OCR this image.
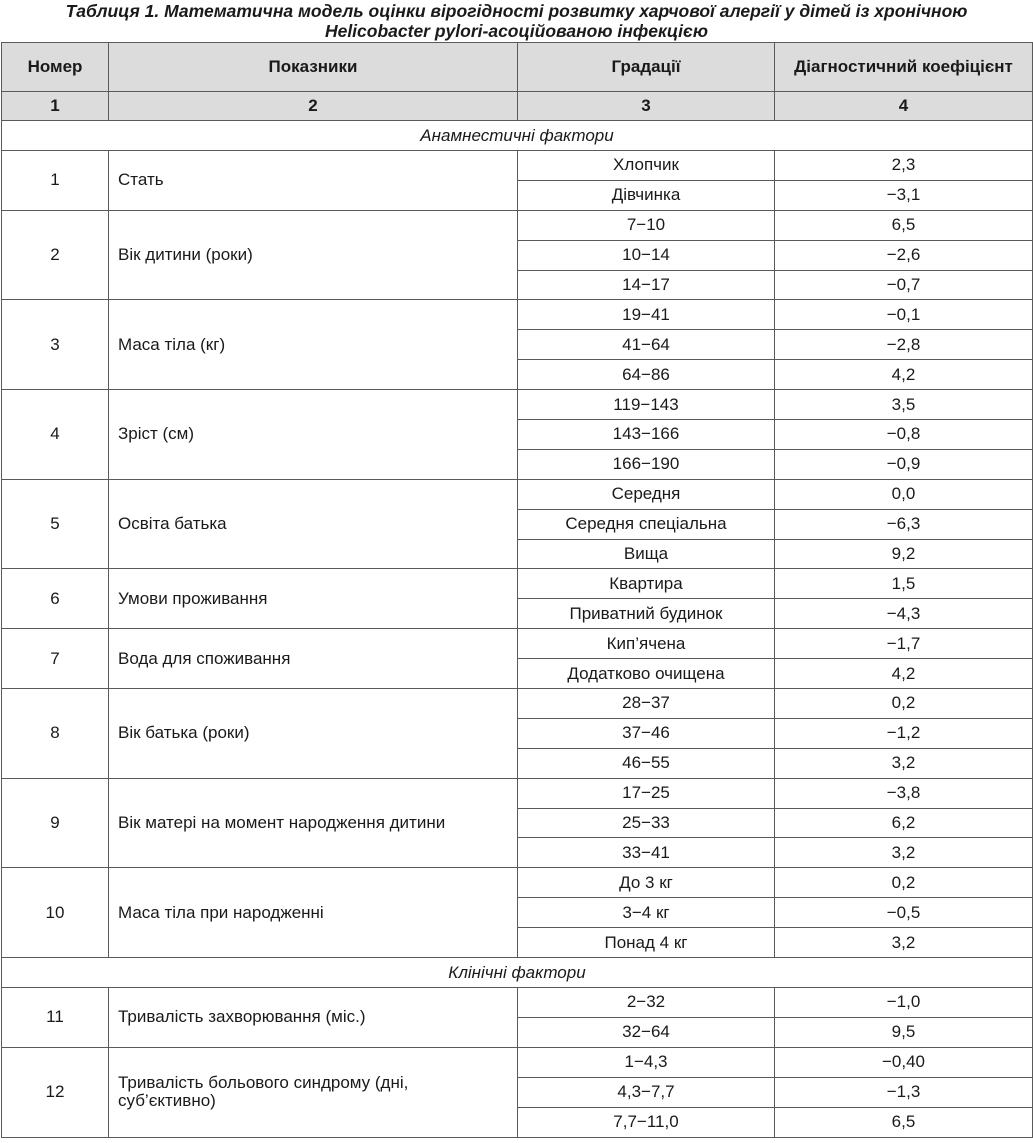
Таблиця 1. Математична модель оцінки вірогідності розвитку харчової алергії у дітей із хронічною
Helicobacter pylori-асоційованою інфекцією
Номер	Показники	Градації	Діагностичний коефіцієнт
1	2	3	4
Анамнестичні фактори			
1	Стать	Хлопчик	2,3
		Дівчинка	−3,1
2	Вік дитини (роки)	7−10	6,5
		10−14	−2,6
		14−17	−0,7
3	Маса тіла (кг)	19−41	−0,1
		41−64	−2,8
		64−86	4,2
4	Зріст (см)	119−143	3,5
		143−166	−0,8
		166−190	−0,9
5	Освіта батька	Середня	0,0
		Середня спеціальна	−6,3
		Вища	9,2
6	Умови проживання	Квартира	1,5
		Приватний будинок	−4,3
7	Вода для споживання	Кип’ячена	−1,7
		Додатково очищена	4,2
8	Вік батька (роки)	28−37	0,2
		37−46	−1,2
		46−55	3,2
9	Вік матері на момент народження дитини	17−25	−3,8
		25−33	6,2
		33−41	3,2
10	Маса тіла при народженні	До 3 кг	0,2
		3−4 кг	−0,5
		Понад 4 кг	3,2
Клінічні фактори			
11	Тривалість захворювання (міс.)	2−32	−1,0
		32−64	9,5
12	Тривалість больового синдрому (дні, суб’єктивно)	1−4,3	−0,40
		4,3−7,7	−1,3
		7,7−11,0	6,5
